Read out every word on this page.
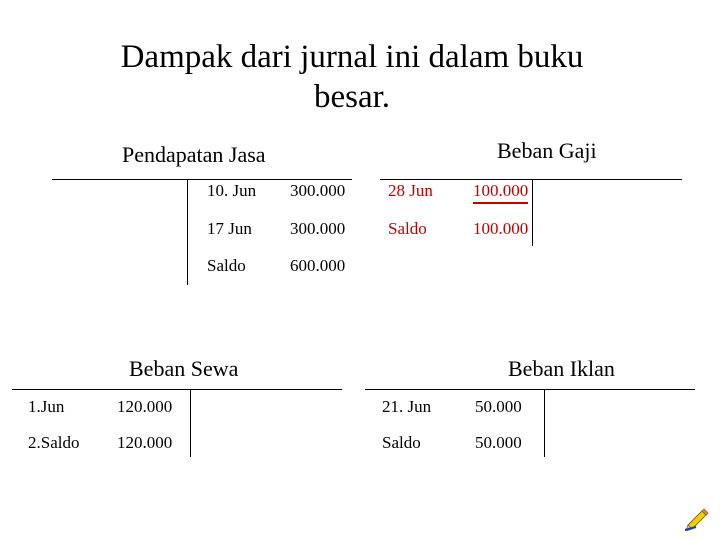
Dampak dari jurnal ini dalam buku
besar.
Pendapatan Jasa
10. Jun 300.000
17 Jun 300.000
Saldo	600.000
Beban Gaji
28 Jun 100.000
Saldo	100.000
Beban Sewa
1.Jun	120.000
2.Saldo 120.000
Beban Iklan
21. Jun	50.000
Saldo	50.000
